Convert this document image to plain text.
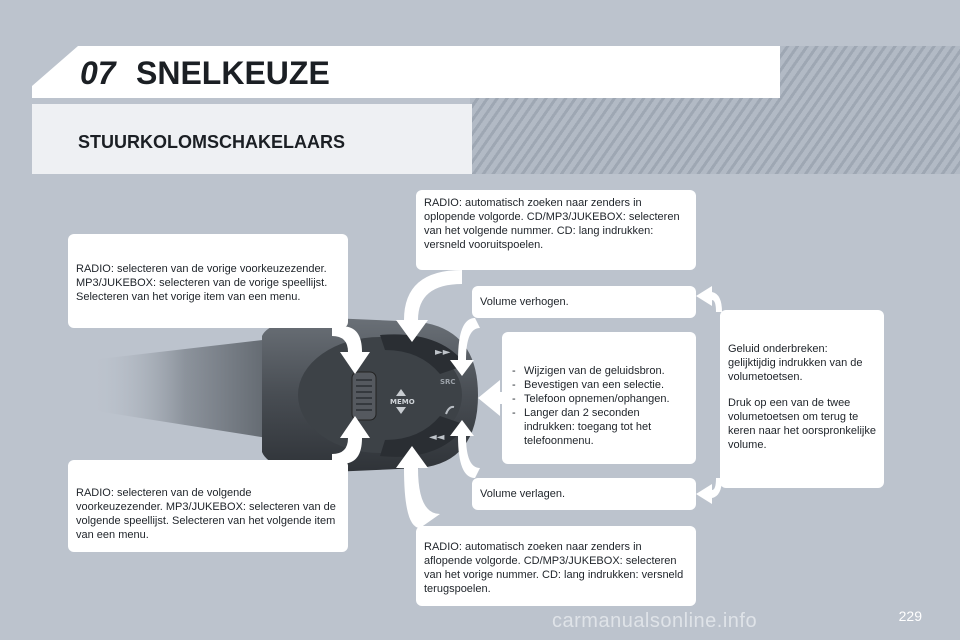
07 SNELKEUZE
STUURKOLOMSCHAKELAARS
►►
◄◄
MEMO
SRC

RADIO: selecteren van de vorige voorkeuzezender. MP3/JUKEBOX: selecteren van de vorige speellijst. Selecteren van het vorige item van een menu.

RADIO: selecteren van de volgende voorkeuzezender. MP3/JUKEBOX: selecteren van de volgende speellijst. Selecteren van het volgende item van een menu.

RADIO: automatisch zoeken naar zenders in oplopende volgorde. CD/MP3/JUKEBOX: selecteren van het volgende nummer. CD: lang indrukken: versneld vooruitspoelen.

Volume verhogen.

- Wijzigen van de geluidsbron.
- Bevestigen van een selectie.
- Telefoon opnemen/ophangen.
- Langer dan 2 seconden indrukken: toegang tot het telefoonmenu.

Volume verlagen.

RADIO: automatisch zoeken naar zenders in aflopende volgorde. CD/MP3/JUKEBOX: selecteren van het vorige nummer. CD: lang indrukken: versneld terugspoelen.

Geluid onderbreken: gelijktijdig indrukken van de volumetoetsen.

Druk op een van de twee volumetoetsen om terug te keren naar het oorspronkelijke volume.

229
carmanualsonline.info
